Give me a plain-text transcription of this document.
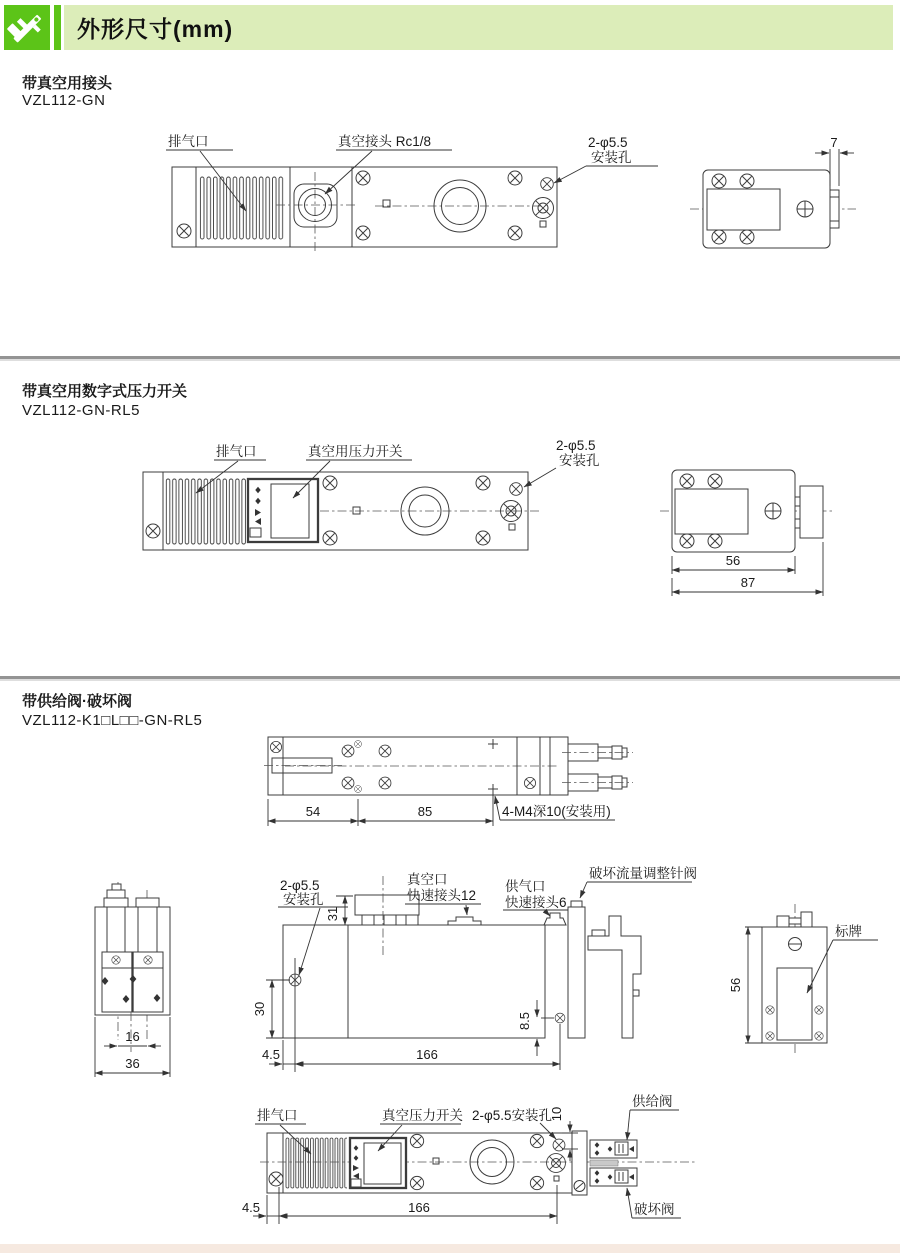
外形尺寸(mm)
带真空用接头
VZL112-GN
7
排气口	真空接头 Rc1/8	2-φ5.5
安装孔
带真空用数字式压力开关
VZL112-GN-RL5
56
87
排气口	真空用压力开关	2-φ5.5
安装孔
带供给阀·破坏阀
VZL112-K1□L□□-GN-RL5
54	85	4-M4深10(安装用)
16
36
31
2-φ5.5
安装孔
30
真空口
快速接头12
供气口
快速接头6
破坏流量调整针阀
8.5
4.5	166
标牌
56
排气口	真空压力开关 2-φ5.5安装孔
10
供给阀
破坏阀
4.5	166
